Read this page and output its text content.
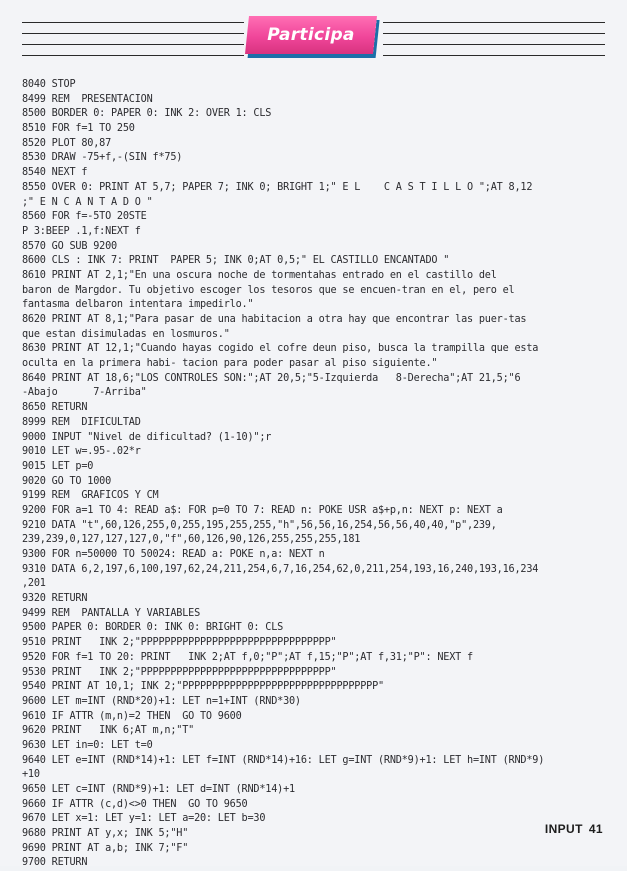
Participa
8040 STOP
8499 REM  PRESENTACION
8500 BORDER 0: PAPER 0: INK 2: OVER 1: CLS
8510 FOR f=1 TO 250
8520 PLOT 80,87
8530 DRAW -75+f,-(SIN f*75)
8540 NEXT f
8550 OVER 0: PRINT AT 5,7; PAPER 7; INK 0; BRIGHT 1;" E L    C A S T I L L O ";AT 8,12
;" E N C A N T A D O "
8560 FOR f=-5TO 20STE
P 3:BEEP .1,f:NEXT f
8570 GO SUB 9200
8600 CLS : INK 7: PRINT  PAPER 5; INK 0;AT 0,5;" EL CASTILLO ENCANTADO "
8610 PRINT AT 2,1;"En una oscura noche de tormentahas entrado en el castillo del
baron de Margdor. Tu objetivo escoger los tesoros que se encuen-tran en el, pero el
fantasma delbaron intentara impedirlo."
8620 PRINT AT 8,1;"Para pasar de una habitacion a otra hay que encontrar las puer-tas
que estan disimuladas en losmuros."
8630 PRINT AT 12,1;"Cuando hayas cogido el cofre deun piso, busca la trampilla que esta
oculta en la primera habi- tacion para poder pasar al piso siguiente."
8640 PRINT AT 18,6;"LOS CONTROLES SON:";AT 20,5;"5-Izquierda   8-Derecha";AT 21,5;"6
-Abajo      7-Arriba"
8650 RETURN
8999 REM  DIFICULTAD
9000 INPUT "Nivel de dificultad? (1-10)";r
9010 LET w=.95-.02*r
9015 LET p=0
9020 GO TO 1000
9199 REM  GRAFICOS Y CM
9200 FOR a=1 TO 4: READ a$: FOR p=0 TO 7: READ n: POKE USR a$+p,n: NEXT p: NEXT a
9210 DATA "t",60,126,255,0,255,195,255,255,"h",56,56,16,254,56,56,40,40,"p",239,
239,239,0,127,127,127,0,"f",60,126,90,126,255,255,255,181
9300 FOR n=50000 TO 50024: READ a: POKE n,a: NEXT n
9310 DATA 6,2,197,6,100,197,62,24,211,254,6,7,16,254,62,0,211,254,193,16,240,193,16,234
,201
9320 RETURN
9499 REM  PANTALLA Y VARIABLES
9500 PAPER 0: BORDER 0: INK 0: BRIGHT 0: CLS
9510 PRINT   INK 2;"PPPPPPPPPPPPPPPPPPPPPPPPPPPPPPPP"
9520 FOR f=1 TO 20: PRINT   INK 2;AT f,0;"P";AT f,15;"P";AT f,31;"P": NEXT f
9530 PRINT   INK 2;"PPPPPPPPPPPPPPPPPPPPPPPPPPPPPPPP"
9540 PRINT AT 10,1; INK 2;"PPPPPPPPPPPPPPPPPPPPPPPPPPPPPPPPP"
9600 LET m=INT (RND*20)+1: LET n=1+INT (RND*30)
9610 IF ATTR (m,n)=2 THEN  GO TO 9600
9620 PRINT   INK 6;AT m,n;"T"
9630 LET in=0: LET t=0
9640 LET e=INT (RND*14)+1: LET f=INT (RND*14)+16: LET g=INT (RND*9)+1: LET h=INT (RND*9)
+10
9650 LET c=INT (RND*9)+1: LET d=INT (RND*14)+1
9660 IF ATTR (c,d)<>0 THEN  GO TO 9650
9670 LET x=1: LET y=1: LET a=20: LET b=30
9680 PRINT AT y,x; INK 5;"H"
9690 PRINT AT a,b; INK 7;"F"
9700 RETURN
INPUT 41
